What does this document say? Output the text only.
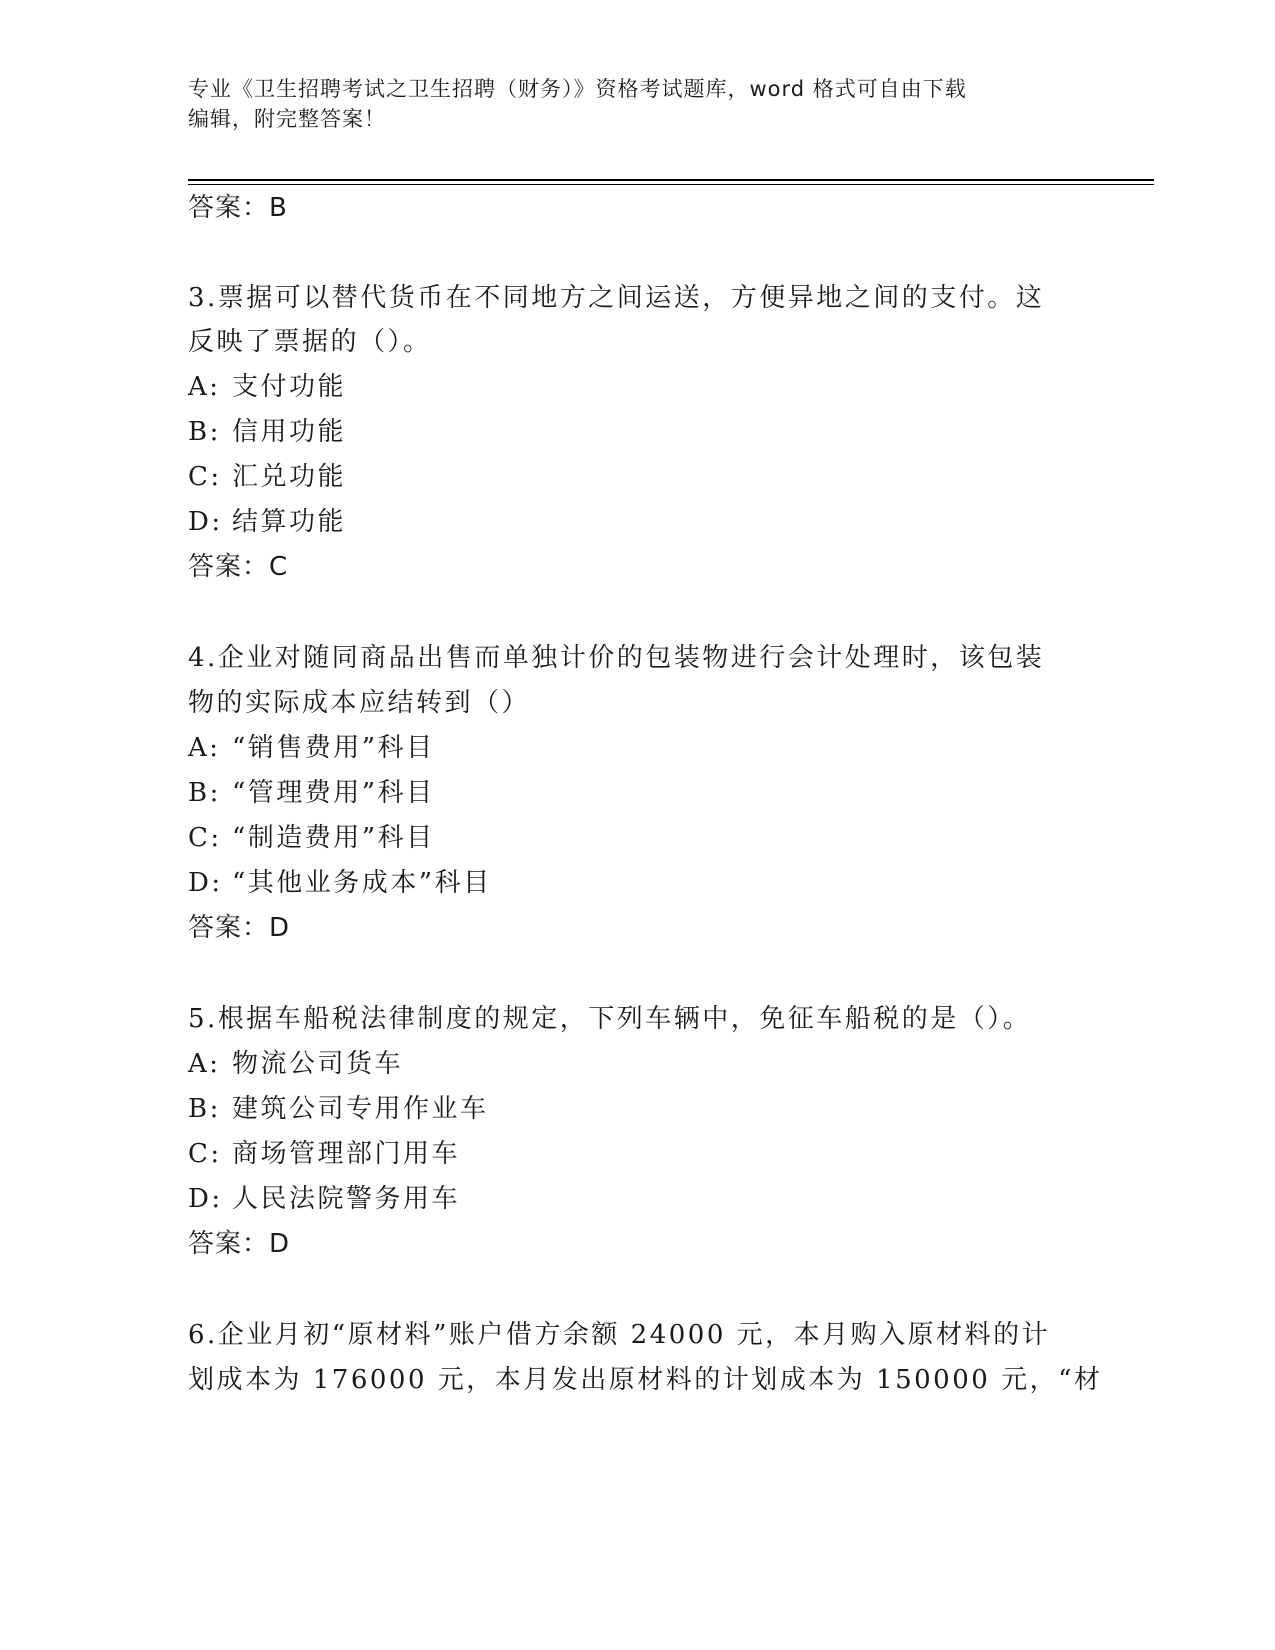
专业《卫生招聘考试之卫生招聘（财务）》资格考试题库，word 格式可自由下载
编辑，附完整答案！
答案：B
3.票据可以替代货币在不同地方之间运送，方便异地之间的支付。这
反映了票据的（）。
A: 支付功能
B: 信用功能
C: 汇兑功能
D: 结算功能
答案：C
4.企业对随同商品出售而单独计价的包装物进行会计处理时，该包装
物的实际成本应结转到（）
A: “销售费用”科目
B: “管理费用”科目
C: “制造费用”科目
D: “其他业务成本”科目
答案：D
5.根据车船税法律制度的规定，下列车辆中，免征车船税的是（）。
A: 物流公司货车
B: 建筑公司专用作业车
C: 商场管理部门用车
D: 人民法院警务用车
答案：D
6.企业月初“原材料”账户借方余额 24000 元，本月购入原材料的计
划成本为 176000 元，本月发出原材料的计划成本为 150000 元，“材
